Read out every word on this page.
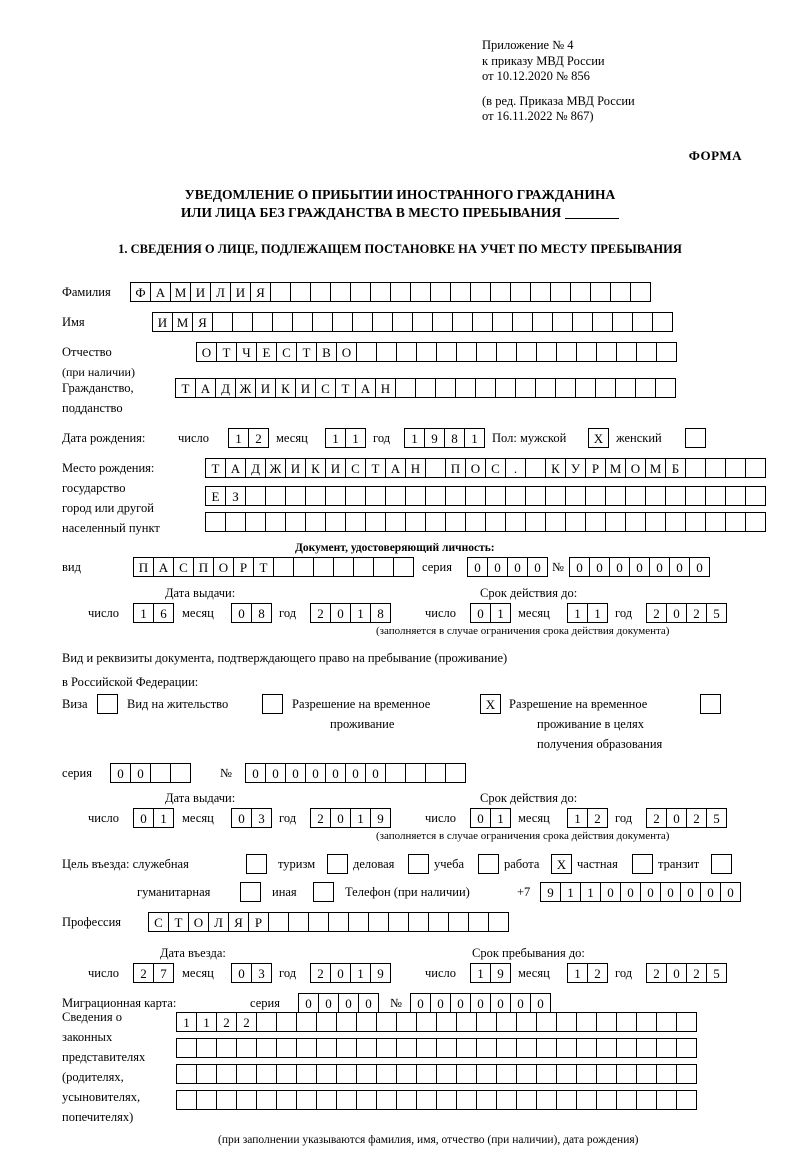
Приложение № 4
к приказу МВД России
от 10.12.2020 № 856
(в ред. Приказа МВД России
от 16.11.2022 № 867)
ФОРМА
УВЕДОМЛЕНИЕ О ПРИБЫТИИ ИНОСТРАННОГО ГРАЖДАНИНА
ИЛИ ЛИЦА БЕЗ ГРАЖДАНСТВА В МЕСТО ПРЕБЫВАНИЯ
1. СВЕДЕНИЯ О ЛИЦЕ, ПОДЛЕЖАЩЕМ ПОСТАНОВКЕ НА УЧЕТ ПО МЕСТУ ПРЕБЫВАНИЯ
Фамилия	Ф А М И Л И Я
Имя	И М Я
Отчество	О Т Ч Е С Т В О
(при наличии)
Гражданство,	Т А Д Ж И К И С Т А Н
подданство
Дата рождения:	число	1	2	месяц	1	1	год	1	9	8	1	Пол: мужской	X	женский
Место рождения:	Т А Д Ж И К И С Т А Н	П О С	.	К У Р М О М Б
государство
Е З
город или другой
населенный пункт
Документ, удостоверяющий личность:
вид	П А С П О Р Т	серия	0	0	0	0 № 0	0	0	0	0	0	0
Дата выдачи:	Срок действия до:
число	1	6	месяц	0	8	год	2	0	1	8	число	0	1	месяц	1	1	год	2	0	2	5
(заполняется в случае ограничения срока действия документа)
Вид и реквизиты документа, подтверждающего право на пребывание (проживание)
в Российской Федерации:
Виза	Вид на жительство	Разрешение на временное	X	Разрешение на временное
проживание	проживание в целях
получения образования
серия	0	0	№	0	0	0	0	0	0	0
Дата выдачи:	Срок действия до:
число	0	1	месяц	0	3	год	2	0	1	9	число	0	1	месяц	1	2	год	2	0	2	5
(заполняется в случае ограничения срока действия документа)
Цель въезда: служебная	туризм	деловая	учеба	работа	X частная	транзит
гуманитарная	иная	Телефон (при наличии)	+7	9	1	1	0	0	0	0	0	0	0
Профессия	С Т О Л Я Р
Дата въезда:	Срок пребывания до:
число	2	7	месяц	0	3	год	2	0	1	9	число	1	9	месяц	1	2	год	2	0	2	5
Миграционная карта:	серия	0	0	0	0	№	0	0	0	0	0	0	0
Сведения о
законных
представителях
(родителях,
усыновителях,
попечителях)
1	1	2	2
(при заполнении указываются фамилия, имя, отчество (при наличии), дата рождения)
